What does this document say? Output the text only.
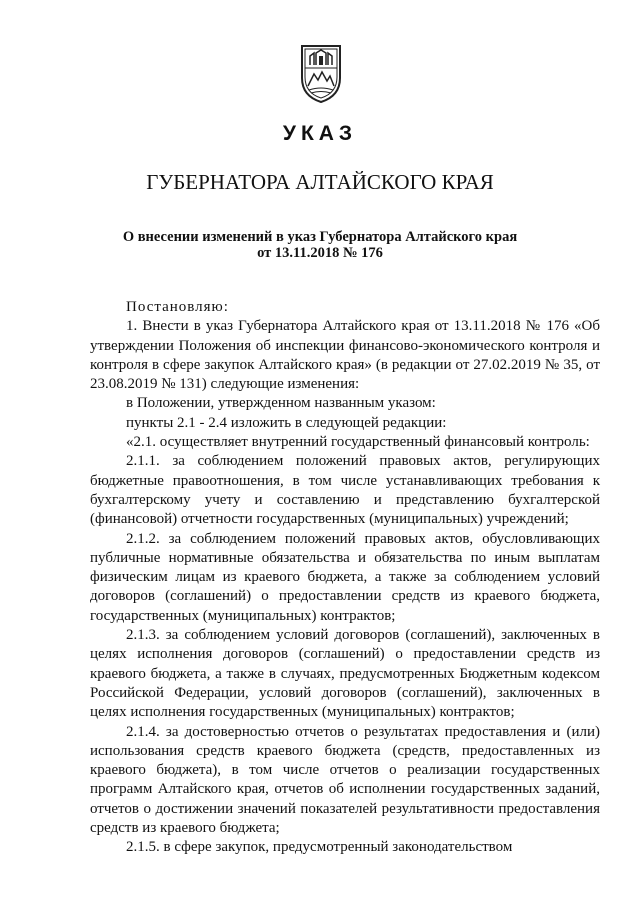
УКАЗ
ГУБЕРНАТОРА АЛТАЙСКОГО КРАЯ
О внесении изменений в указ Губернатора Алтайского края
от 13.11.2018 № 176

Постановляю:

1. Внести в указ Губернатора Алтайского края от 13.11.2018 № 176 «Об утверждении Положения об инспекции финансово-экономического контроля и контроля в сфере закупок Алтайского края» (в редакции от 27.02.2019 № 35, от 23.08.2019 № 131) следующие изменения:

в Положении, утвержденном названным указом:

пункты 2.1 - 2.4 изложить в следующей редакции:

«2.1. осуществляет внутренний государственный финансовый контроль:

2.1.1. за соблюдением положений правовых актов, регулирующих бюджетные правоотношения, в том числе устанавливающих требования к бухгалтерскому учету и составлению и представлению бухгалтерской (финансовой) отчетности государственных (муниципальных) учреждений;

2.1.2. за соблюдением положений правовых актов, обусловливающих публичные нормативные обязательства и обязательства по иным выплатам физическим лицам из краевого бюджета, а также за соблюдением условий договоров (соглашений) о предоставлении средств из краевого бюджета, государственных (муниципальных) контрактов;

2.1.3. за соблюдением условий договоров (соглашений), заключенных в целях исполнения договоров (соглашений) о предоставлении средств из краевого бюджета, а также в случаях, предусмотренных Бюджетным кодексом Российской Федерации, условий договоров (соглашений), заключенных в целях исполнения государственных (муниципальных) контрактов;

2.1.4. за достоверностью отчетов о результатах предоставления и (или) использования средств краевого бюджета (средств, предоставленных из краевого бюджета), в том числе отчетов о реализации государственных программ Алтайского края, отчетов об исполнении государственных заданий, отчетов о достижении значений показателей результативности предоставления средств из краевого бюджета;

2.1.5. в сфере закупок, предусмотренный законодательством
